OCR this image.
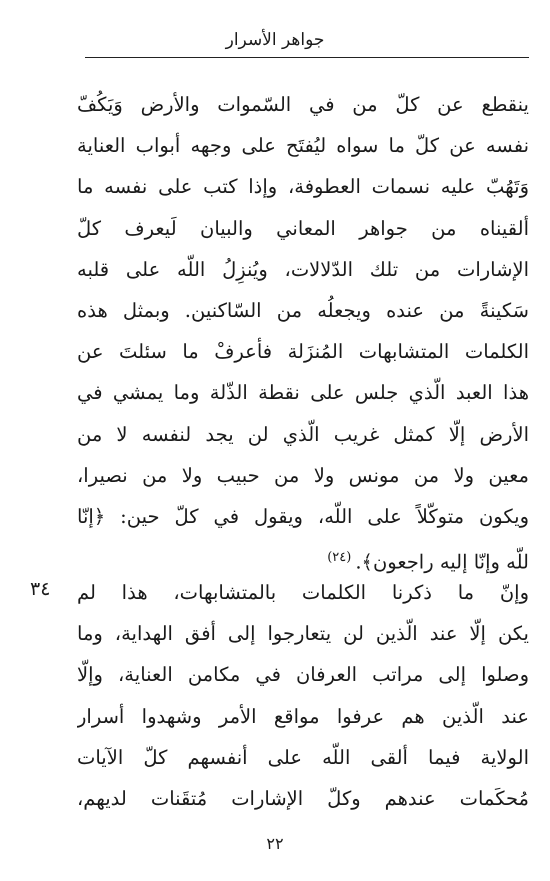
جواهر الأسرار
ينقطع عن كلّ من في السّموات والأرض وَيَكُفّ
نفسه عن كلّ ما سواه ليُفتَح على وجهه أبواب العناية
وَتَهُبّ عليه نسمات العطوفة، وإذا كتب على نفسه ما
ألقيناه من جواهر المعاني والبيان لَيعرف كلّ
الإشارات من تلك الدّلالات، ويُنزِلُ اللّه على قلبه
سَكينةً من عنده ويجعلُه من السّاكنين. وبمثل هذه
الكلمات المتشابهات المُنزَلة فأعرفْ ما سئلتَ عن
هذا العبد الّذي جلس على نقطة الذّلة وما يمشي في
الأرض إلّا كمثل غريب الّذي لن يجد لنفسه لا من
معين ولا من مونس ولا من حبيب ولا من نصيرا،
ويكون متوكّلاً على اللّه، ويقول في كلّ حين: ﴿إنّا
للّه وإنّا إليه راجعون﴾.$^{(٢٤)}$
٣٤ وإنّ ما ذكرنا الكلمات بالمتشابهات، هذا لم
يكن إلّا عند الّذين لن يتعارجوا إلى أفق الهداية، وما
وصلوا إلى مراتب العرفان في مكامن العناية، وإلّا
عند الّذين هم عرفوا مواقع الأمر وشهدوا أسرار
الولاية فيما ألقى اللّه على أنفسهم كلّ الآيات
مُحكَمات عندهم وكلّ الإشارات مُتقَنات لديهم،
٢٢
